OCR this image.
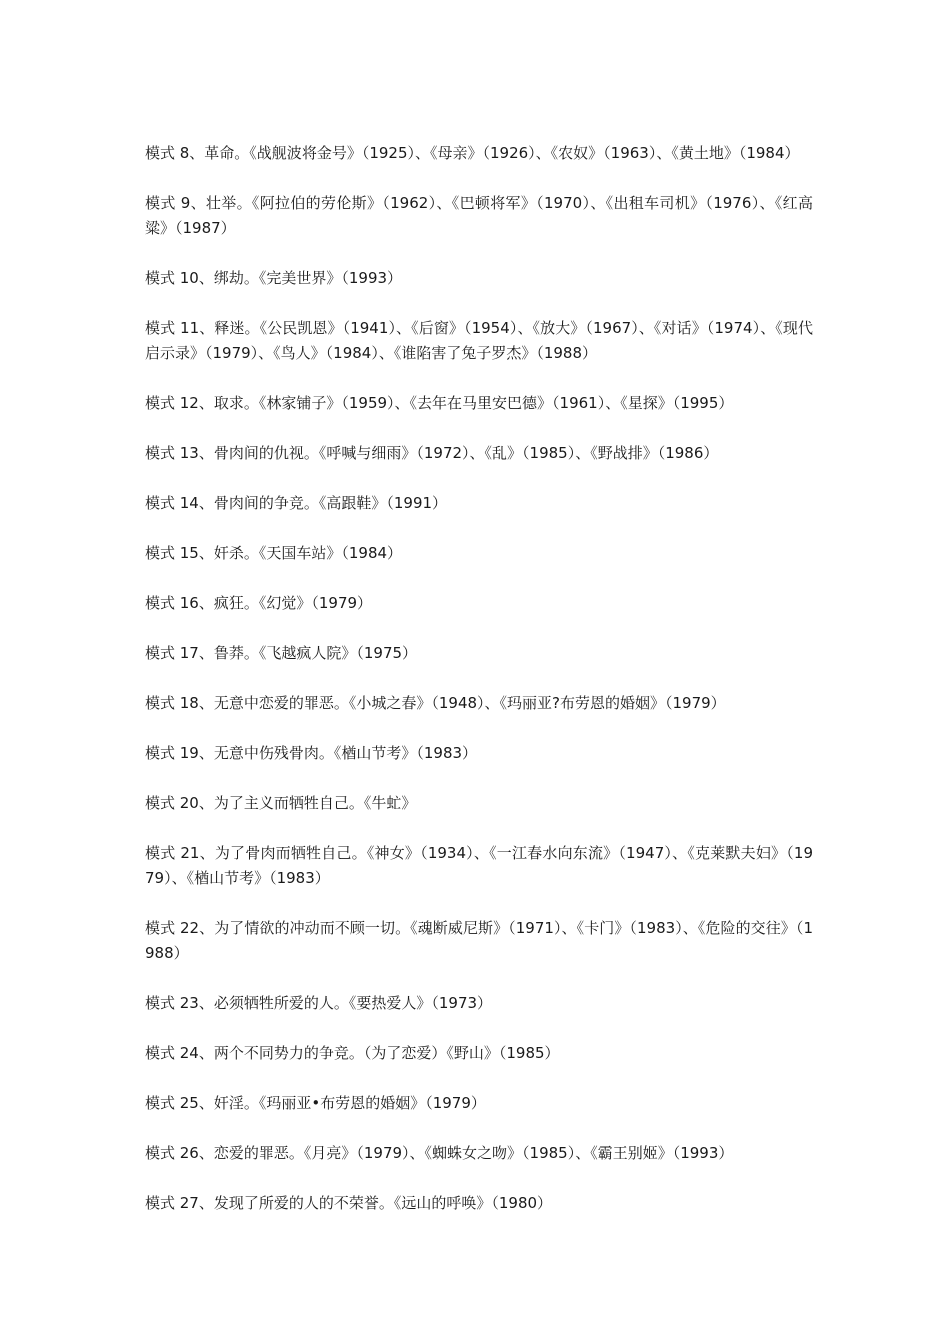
模式 8、革命。《战舰波将金号》（1925）、《母亲》（1926）、《农奴》（1963）、《黄土地》（1984）

模式 9、壮举。《阿拉伯的劳伦斯》（1962）、《巴顿将军》（1970）、《出租车司机》（1976）、《红高粱》（1987）

模式 10、绑劫。《完美世界》（1993）

模式 11、释迷。《公民凯恩》（1941）、《后窗》（1954）、《放大》（1967）、《对话》（1974）、《现代启示录》（1979）、《鸟人》（1984）、《谁陷害了兔子罗杰》（1988）

模式 12、取求。《林家铺子》（1959）、《去年在马里安巴德》（1961）、《星探》（1995）

模式 13、骨肉间的仇视。《呼喊与细雨》（1972）、《乱》（1985）、《野战排》（1986）

模式 14、骨肉间的争竞。《高跟鞋》（1991）

模式 15、奸杀。《天国车站》（1984）

模式 16、疯狂。《幻觉》（1979）

模式 17、鲁莽。《飞越疯人院》（1975）

模式 18、无意中恋爱的罪恶。《小城之春》（1948）、《玛丽亚?布劳恩的婚姻》（1979）

模式 19、无意中伤残骨肉。《楢山节考》（1983）

模式 20、为了主义而牺牲自己。《牛虻》

模式 21、为了骨肉而牺牲自己。《神女》（1934）、《一江春水向东流》（1947）、《克莱默夫妇》（1979）、《楢山节考》（1983）

模式 22、为了情欲的冲动而不顾一切。《魂断威尼斯》（1971）、《卡门》（1983）、《危险的交往》（1988）

模式 23、必须牺牲所爱的人。《要热爱人》（1973）

模式 24、两个不同势力的争竞。（为了恋爱）《野山》（1985）

模式 25、奸淫。《玛丽亚•布劳恩的婚姻》（1979）

模式 26、恋爱的罪恶。《月亮》（1979）、《蜘蛛女之吻》（1985）、《霸王别姬》（1993）

模式 27、发现了所爱的人的不荣誉。《远山的呼唤》（1980）
